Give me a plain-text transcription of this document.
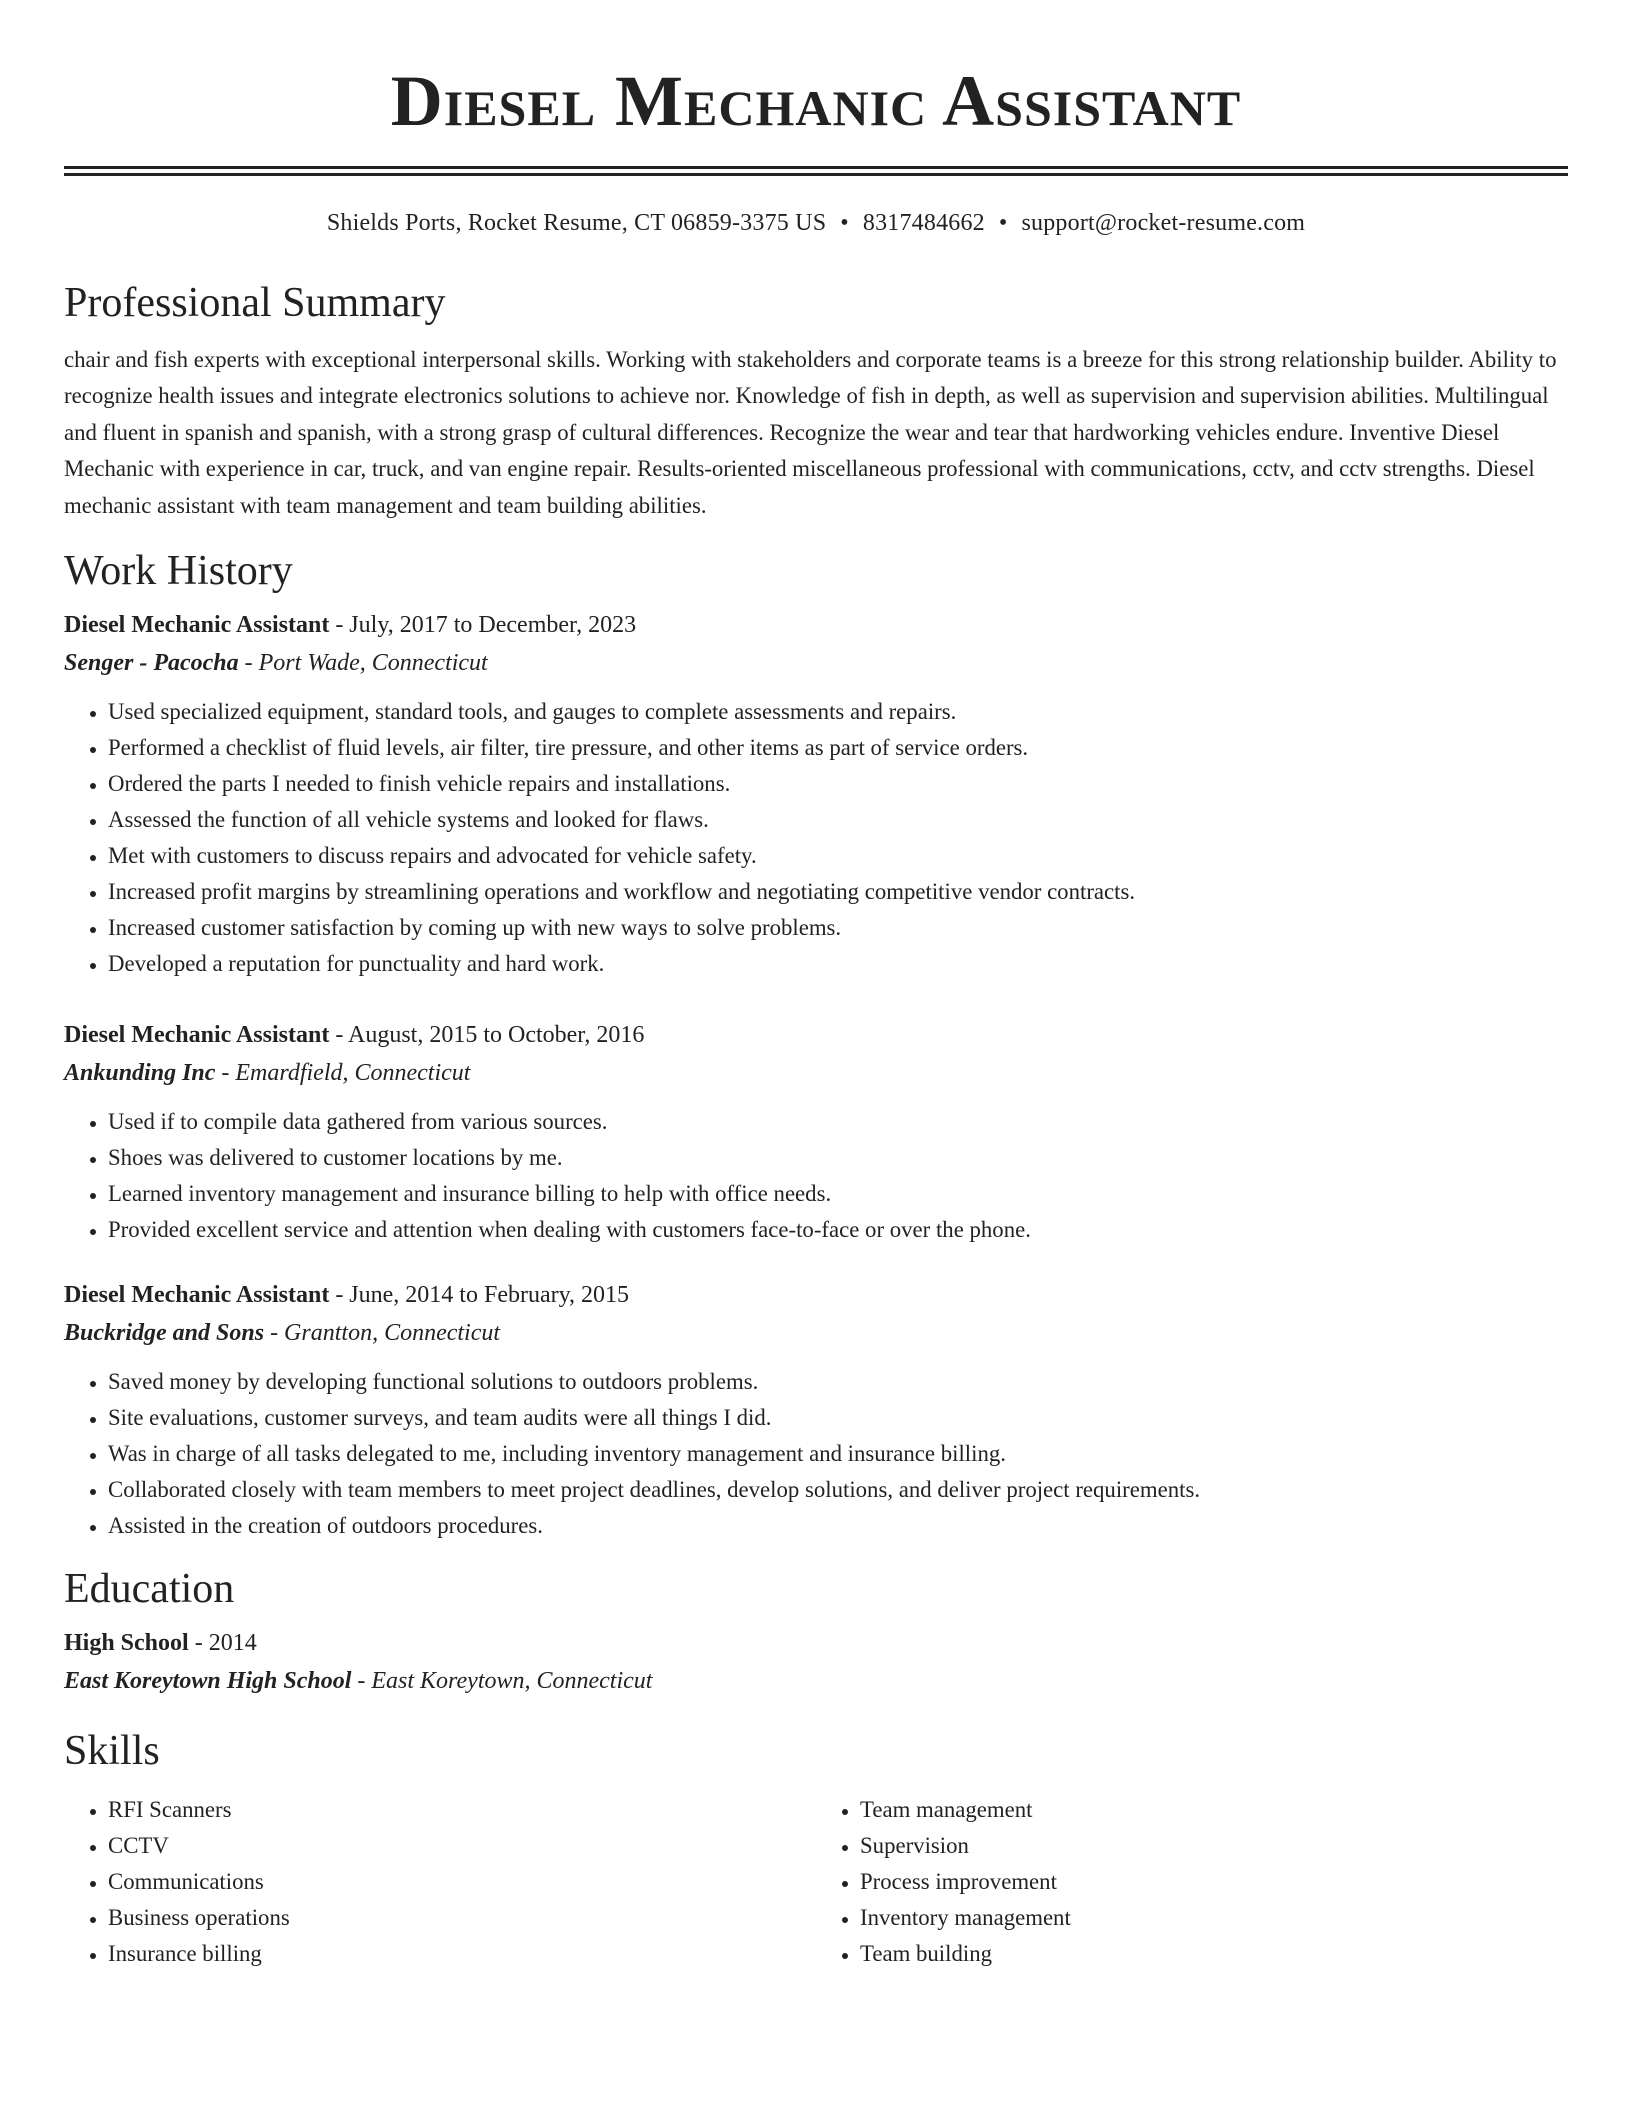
Diesel Mechanic Assistant
Shields Ports, Rocket Resume, CT 06859-3375 US • 8317484662 • support@rocket-resume.com
Professional Summary

chair and fish experts with exceptional interpersonal skills. Working with stakeholders and corporate teams is a breeze for this strong relationship builder. Ability to recognize health issues and integrate electronics solutions to achieve nor. Knowledge of fish in depth, as well as supervision and supervision abilities. Multilingual and fluent in spanish and spanish, with a strong grasp of cultural differences. Recognize the wear and tear that hardworking vehicles endure. Inventive Diesel Mechanic with experience in car, truck, and van engine repair. Results-oriented miscellaneous professional with communications, cctv, and cctv strengths. Diesel mechanic assistant with team management and team building abilities.

Work History
Diesel Mechanic Assistant - July, 2017 to December, 2023
Senger - Pacocha - Port Wade, Connecticut
• Used specialized equipment, standard tools, and gauges to complete assessments and repairs.
• Performed a checklist of fluid levels, air filter, tire pressure, and other items as part of service orders.
• Ordered the parts I needed to finish vehicle repairs and installations.
• Assessed the function of all vehicle systems and looked for flaws.
• Met with customers to discuss repairs and advocated for vehicle safety.
• Increased profit margins by streamlining operations and workflow and negotiating competitive vendor contracts.
• Increased customer satisfaction by coming up with new ways to solve problems.
• Developed a reputation for punctuality and hard work.
Diesel Mechanic Assistant - August, 2015 to October, 2016
Ankunding Inc - Emardfield, Connecticut
• Used if to compile data gathered from various sources.
• Shoes was delivered to customer locations by me.
• Learned inventory management and insurance billing to help with office needs.
• Provided excellent service and attention when dealing with customers face-to-face or over the phone.
Diesel Mechanic Assistant - June, 2014 to February, 2015
Buckridge and Sons - Grantton, Connecticut
• Saved money by developing functional solutions to outdoors problems.
• Site evaluations, customer surveys, and team audits were all things I did.
• Was in charge of all tasks delegated to me, including inventory management and insurance billing.
• Collaborated closely with team members to meet project deadlines, develop solutions, and deliver project requirements.
• Assisted in the creation of outdoors procedures.
Education
High School - 2014
East Koreytown High School - East Koreytown, Connecticut
Skills
• RFI Scanners
• CCTV
• Communications
• Business operations
• Insurance billing
• Team management
• Supervision
• Process improvement
• Inventory management
• Team building
